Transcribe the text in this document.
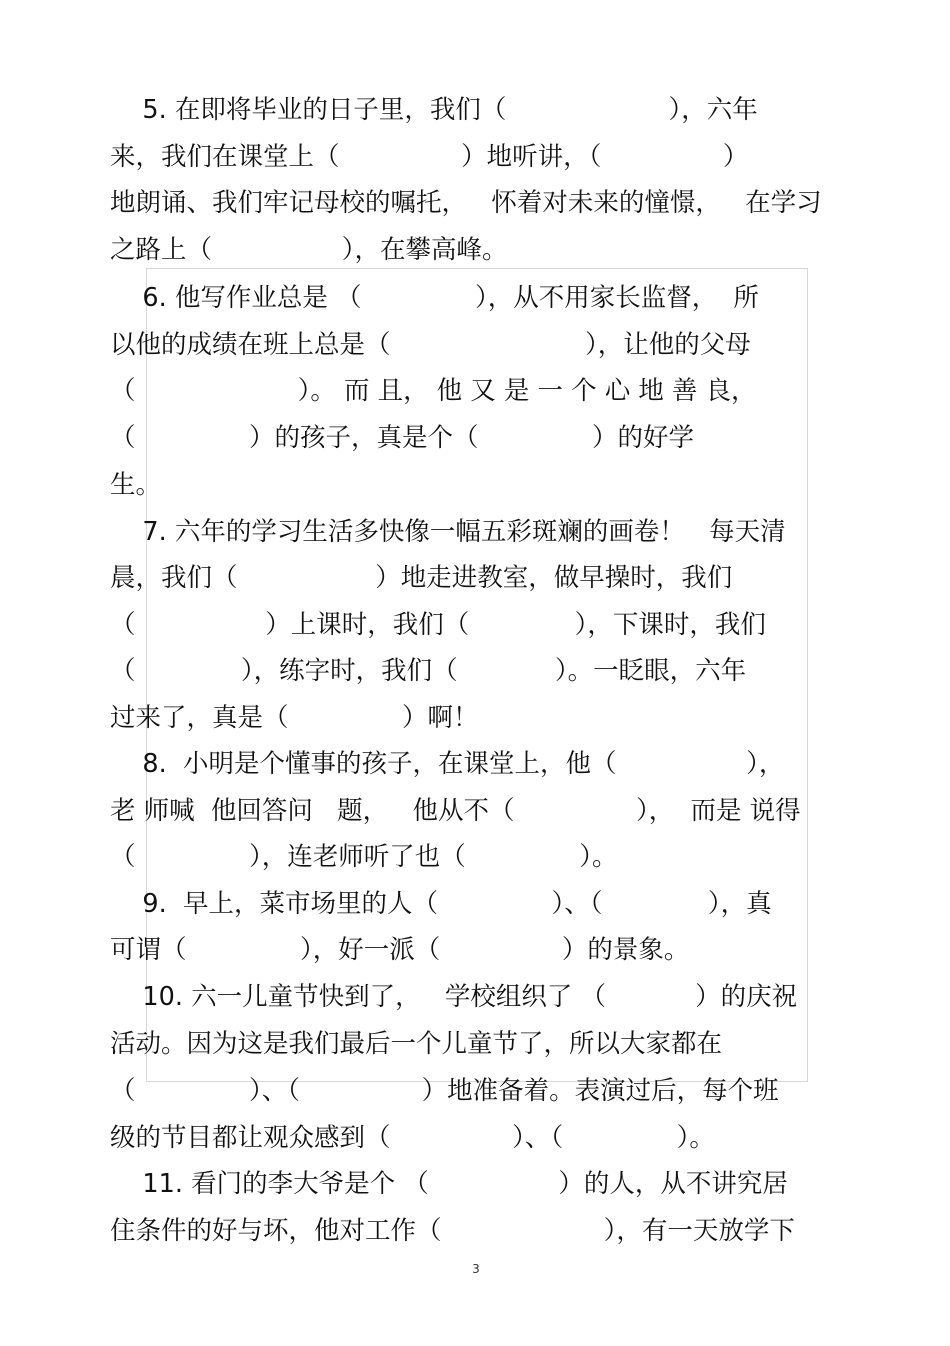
5. 在即将毕业的日子里，我们（                    ），六年
来，我们在课堂上（               ）地听讲，（               ）
地朗诵、我们牢记母校的嘱托，   怀着对未来的憧憬，   在学习
之路上（                ），在攀高峰。
6. 他写作业总是 （              ），从不用家长监督，  所
以他的成绩在班上总是（                        ），让他的父母
（                    ）。 而 且， 他 又 是 一 个 心 地 善 良，
（              ）的孩子，真是个（              ）的好学
生。
7. 六年的学习生活多快像一幅五彩斑斓的画卷！   每天清
晨，我们（                 ）地走进教室，做早操时，我们
（                ）上课时，我们（             ），下课时，我们
（             ），练字时，我们（            ）。一眨眼，六年
过来了，真是（              ）啊！
8.  小明是个懂事的孩子，在课堂上，他（                ），
老 师喊  他回答问   题，   他从不（               ），  而是 说得
（              ），连老师听了也（              ）。
9.  早上，菜市场里的人（              ）、（             ），真
可谓（              ），好一派（               ）的景象。
10. 六一儿童节快到了，   学校组织了 （           ）的庆祝
活动。因为这是我们最后一个儿童节了，所以大家都在
（              ）、（               ）地准备着。表演过后，每个班
级的节目都让观众感到（               ）、（              ）。
11. 看门的李大爷是个 （                ）的人，从不讲究居
住条件的好与坏，他对工作（                    ），有一天放学下
3
